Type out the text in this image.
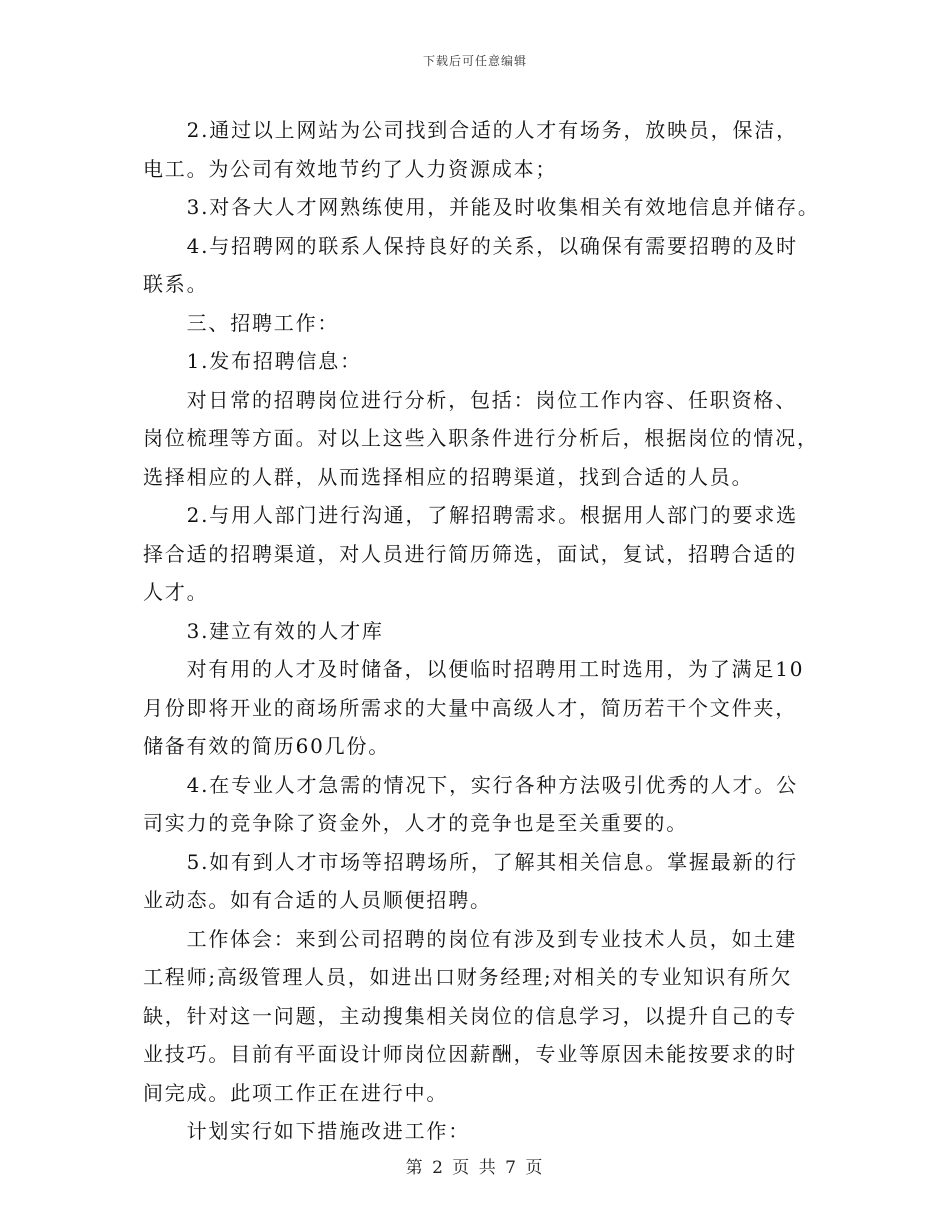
下载后可任意编辑

　　2.通过以上网站为公司找到合适的人才有场务，放映员，保洁，

电工。为公司有效地节约了人力资源成本；

　　3.对各大人才网熟练使用，并能及时收集相关有效地信息并储存。

　　4.与招聘网的联系人保持良好的关系，以确保有需要招聘的及时

联系。

　　三、招聘工作：

　　1.发布招聘信息：

　　对日常的招聘岗位进行分析，包括：岗位工作内容、任职资格、

岗位梳理等方面。对以上这些入职条件进行分析后，根据岗位的情况，

选择相应的人群，从而选择相应的招聘渠道，找到合适的人员。

　　2.与用人部门进行沟通，了解招聘需求。根据用人部门的要求选

择合适的招聘渠道，对人员进行简历筛选，面试，复试，招聘合适的

人才。

　　3.建立有效的人才库

　　对有用的人才及时储备，以便临时招聘用工时选用，为了满足10

月份即将开业的商场所需求的大量中高级人才，简历若干个文件夹，

储备有效的简历60几份。

　　4.在专业人才急需的情况下，实行各种方法吸引优秀的人才。公

司实力的竞争除了资金外，人才的竞争也是至关重要的。

　　5.如有到人才市场等招聘场所，了解其相关信息。掌握最新的行

业动态。如有合适的人员顺便招聘。

　　工作体会：来到公司招聘的岗位有涉及到专业技术人员，如土建

工程师;高级管理人员，如进出口财务经理;对相关的专业知识有所欠

缺，针对这一问题，主动搜集相关岗位的信息学习，以提升自己的专

业技巧。目前有平面设计师岗位因薪酬，专业等原因未能按要求的时

间完成。此项工作正在进行中。

　　计划实行如下措施改进工作：

第 2 页 共 7 页
